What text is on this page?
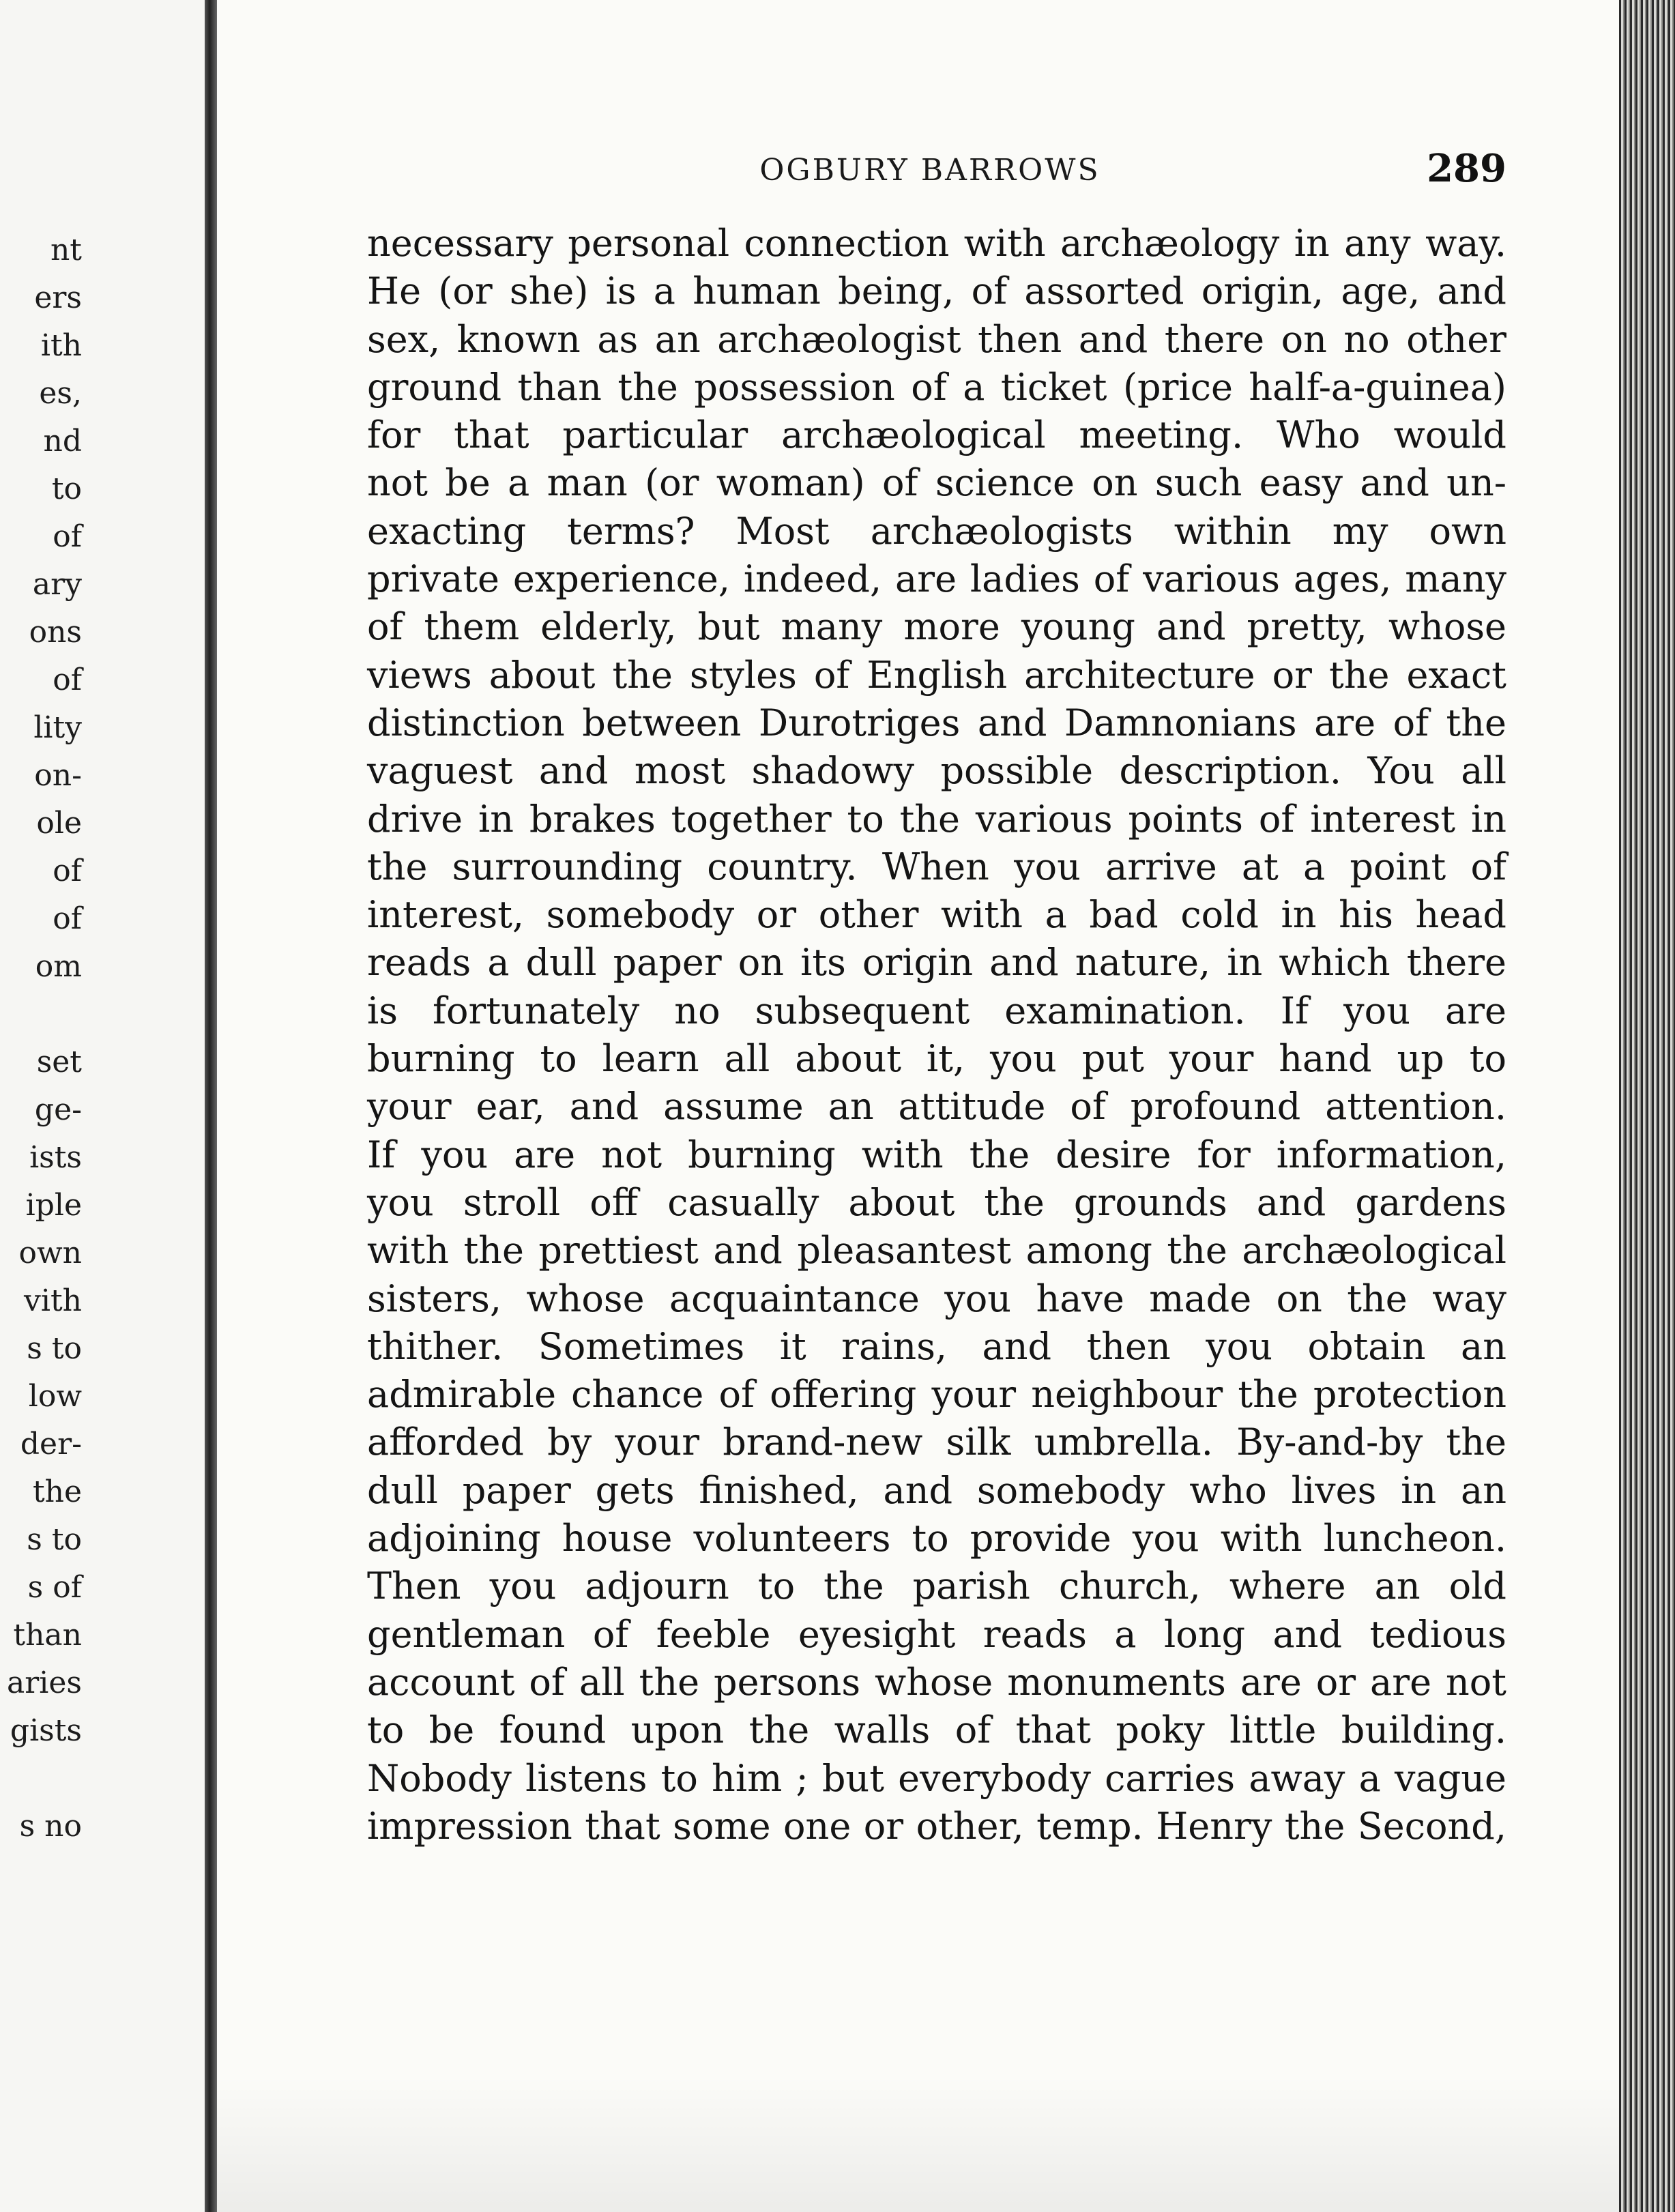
nt
ers
ith
es,
nd
to
of
ary
ons
of
lity
on-
ole
of
of
om
set
ge-
ists
iple
own
vith
s to
low
der-
the
s to
s of
than
aries
gists
s no
OGBURY BARROWS	289
necessary personal connection with archæology in any way.
He (or she) is a human being, of assorted origin, age, and
sex, known as an archæologist then and there on no other
ground than the possession of a ticket (price half-a-guinea)
for that particular archæological meeting. Who would
not be a man (or woman) of science on such easy and un-
exacting terms? Most archæologists within my own
private experience, indeed, are ladies of various ages, many
of them elderly, but many more young and pretty, whose
views about the styles of English architecture or the exact
distinction between Durotriges and Damnonians are of the
vaguest and most shadowy possible description. You all
drive in brakes together to the various points of interest in
the surrounding country. When you arrive at a point of
interest, somebody or other with a bad cold in his head
reads a dull paper on its origin and nature, in which there
is fortunately no subsequent examination. If you are
burning to learn all about it, you put your hand up to
your ear, and assume an attitude of profound attention.
If you are not burning with the desire for information,
you stroll off casually about the grounds and gardens
with the prettiest and pleasantest among the archæological
sisters, whose acquaintance you have made on the way
thither. Sometimes it rains, and then you obtain an
admirable chance of offering your neighbour the protection
afforded by your brand-new silk umbrella. By-and-by the
dull paper gets finished, and somebody who lives in an
adjoining house volunteers to provide you with luncheon.
Then you adjourn to the parish church, where an old
gentleman of feeble eyesight reads a long and tedious
account of all the persons whose monuments are or are not
to be found upon the walls of that poky little building.
Nobody listens to him ; but everybody carries away a vague
impression that some one or other, temp. Henry the Second,
